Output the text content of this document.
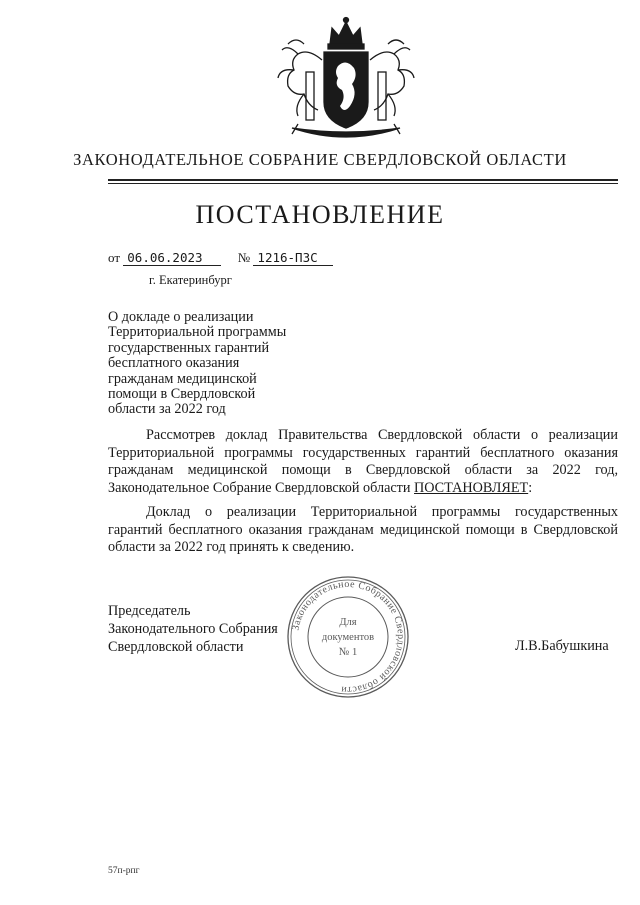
ЗАКОНОДАТЕЛЬНОЕ СОБРАНИЕ СВЕРДЛОВСКОЙ ОБЛАСТИ
ПОСТАНОВЛЕНИЕ
от 06.06.2023	№ 1216-ПЗС
г. Екатеринбург
О докладе о реализации
Территориальной программы
государственных гарантий
бесплатного оказания
гражданам медицинской
помощи в Свердловской
области за 2022 год
Рассмотрев доклад Правительства Свердловской области о реализации Территориальной программы государственных гарантий бесплатного оказания гражданам медицинской помощи в Свердловской области за 2022 год, Законодательное Собрание Свердловской области ПОСТАНОВЛЯЕТ:
Доклад о реализации Территориальной программы государственных гарантий бесплатного оказания гражданам медицинской помощи в Свердловской области за 2022 год принять к сведению.
Председатель
Законодательного Собрания
Свердловской области
Законодательное Собрание Свердловской области
Для
документов
№ 1	Л.В.Бабушкина
57п-рпг
